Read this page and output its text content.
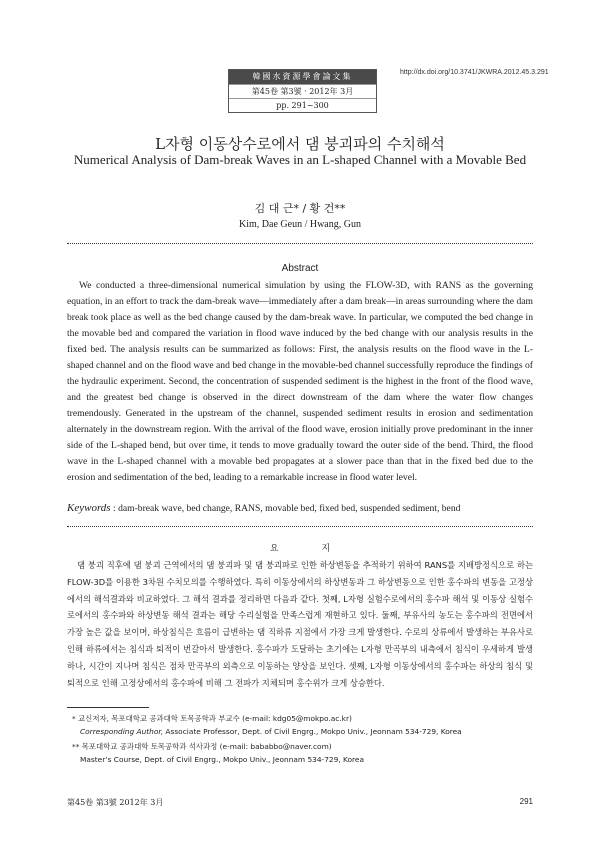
韓國水資源學會論文集
第45卷 第3號 · 2012年 3月
pp. 291~300
http://dx.doi.org/10.3741/JKWRA.2012.45.3.291
L자형 이동상수로에서 댐 붕괴파의 수치해석
Numerical Analysis of Dam-break Waves in an L-shaped Channel with a Movable Bed
김 대 근* / 황 건**
Kim, Dae Geun / Hwang, Gun
Abstract
We conducted a three-dimensional numerical simulation by using the FLOW-3D, with RANS as the governing equation, in an effort to track the dam-break wave—immediately after a dam break—in areas surrounding where the dam break took place as well as the bed change caused by the dam-break wave. In particular, we computed the bed change in the movable bed and compared the variation in flood wave induced by the bed change with our analysis results in the fixed bed. The analysis results can be summarized as follows: First, the analysis results on the flood wave in the L-shaped channel and on the flood wave and bed change in the movable-bed channel successfully reproduce the findings of the hydraulic experiment. Second, the concentration of suspended sediment is the highest in the front of the flood wave, and the greatest bed change is observed in the direct downstream of the dam where the water flow changes tremendously. Generated in the upstream of the channel, suspended sediment results in erosion and sedimentation alternately in the downstream region. With the arrival of the flood wave, erosion initially prove predominant in the inner side of the L-shaped bend, but over time, it tends to move gradually toward the outer side of the bend. Third, the flood wave in the L-shaped channel with a movable bed propagates at a slower pace than that in the fixed bed due to the erosion and sedimentation of the bed, leading to a remarkable increase in flood water level.
Keywords : dam-break wave, bed change, RANS, movable bed, fixed bed, suspended sediment, bend
요 지
댐 붕괴 직후에 댐 붕괴 근역에서의 댐 붕괴파 및 댐 붕괴파로 인한 하상변동을 추적하기 위하여 RANS를 지배방정식으로 하는 FLOW-3D를 이용한 3차원 수치모의를 수행하였다. 특히 이동상에서의 하상변동과 그 하상변동으로 인한 홍수파의 변동을 고정상에서의 해석결과와 비교하였다. 그 해석 결과를 정리하면 다음과 같다. 첫째, L자형 실험수로에서의 홍수파 해석 및 이동상 실험수로에서의 홍수파와 하상변동 해석 결과는 해당 수리실험을 만족스럽게 재현하고 있다. 둘째, 부유사의 농도는 홍수파의 전면에서 가장 높은 값을 보이며, 하상침식은 흐름이 급변하는 댐 직하류 지점에서 가장 크게 발생한다. 수로의 상류에서 발생하는 부유사로 인해 하류에서는 침식과 퇴적이 번갈아서 발생한다. 홍수파가 도달하는 초기에는 L자형 만곡부의 내측에서 침식이 우세하게 발생하나, 시간이 지나며 침식은 점차 만곡부의 외측으로 이동하는 양상을 보인다. 셋째, L자형 이동상에서의 홍수파는 하상의 침식 및 퇴적으로 인해 고정상에서의 홍수파에 비해 그 전파가 지체되며 홍수위가 크게 상승한다.
* 교신저자, 목포대학교 공과대학 토목공학과 부교수 (e-mail: kdg05@mokpo.ac.kr)
Corresponding Author, Associate Professor, Dept. of Civil Engrg., Mokpo Univ., Jeonnam 534-729, Korea
** 목포대학교 공과대학 토목공학과 석사과정 (e-mail: bababbo@naver.com)
Master’s Course, Dept. of Civil Engrg., Mokpo Univ., Jeonnam 534-729, Korea
第45卷 第3號 2012年 3月	291
